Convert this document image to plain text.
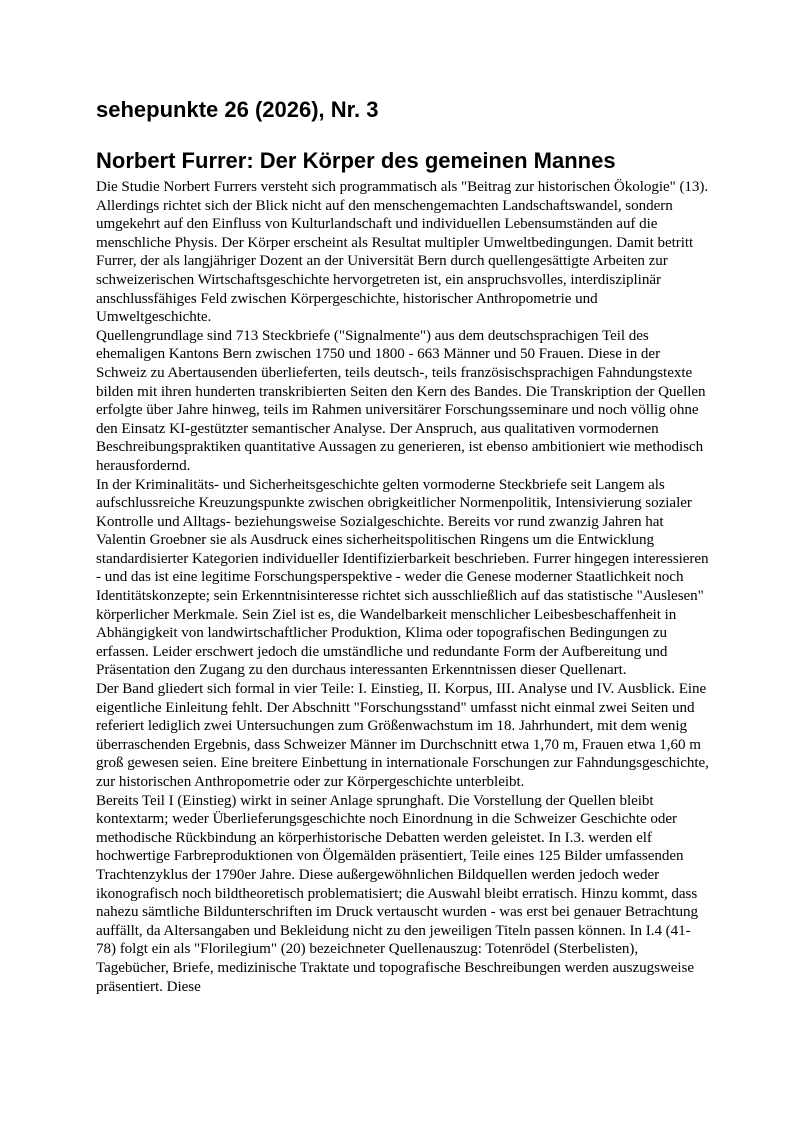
sehepunkte 26 (2026), Nr. 3
Norbert Furrer: Der Körper des gemeinen Mannes

Die Studie Norbert Furrers versteht sich programmatisch als "Beitrag zur historischen Ökologie" (13). Allerdings richtet sich der Blick nicht auf den menschengemachten Landschaftswandel, sondern umgekehrt auf den Einfluss von Kulturlandschaft und individuellen Lebensumständen auf die menschliche Physis. Der Körper erscheint als Resultat multipler Umweltbedingungen. Damit betritt Furrer, der als langjähriger Dozent an der Universität Bern durch quellengesättigte Arbeiten zur schweizerischen Wirtschaftsgeschichte hervorgetreten ist, ein anspruchsvolles, interdisziplinär anschlussfähiges Feld zwischen Körpergeschichte, historischer Anthropometrie und Umweltgeschichte.

Quellengrundlage sind 713 Steckbriefe ("Signalmente") aus dem deutschsprachigen Teil des ehemaligen Kantons Bern zwischen 1750 und 1800 - 663 Männer und 50 Frauen. Diese in der Schweiz zu Abertausenden überlieferten, teils deutsch-, teils französischsprachigen Fahndungstexte bilden mit ihren hunderten transkribierten Seiten den Kern des Bandes. Die Transkription der Quellen erfolgte über Jahre hinweg, teils im Rahmen universitärer Forschungsseminare und noch völlig ohne den Einsatz KI-gestützter semantischer Analyse. Der Anspruch, aus qualitativen vormodernen Beschreibungspraktiken quantitative Aussagen zu generieren, ist ebenso ambitioniert wie methodisch herausfordernd.

In der Kriminalitäts- und Sicherheitsgeschichte gelten vormoderne Steckbriefe seit Langem als aufschlussreiche Kreuzungspunkte zwischen obrigkeitlicher Normenpolitik, Intensivierung sozialer Kontrolle und Alltags- beziehungsweise Sozialgeschichte. Bereits vor rund zwanzig Jahren hat Valentin Groebner sie als Ausdruck eines sicherheitspolitischen Ringens um die Entwicklung standardisierter Kategorien individueller Identifizierbarkeit beschrieben. Furrer hingegen interessieren - und das ist eine legitime Forschungsperspektive - weder die Genese moderner Staatlichkeit noch Identitätskonzepte; sein Erkenntnisinteresse richtet sich ausschließlich auf das statistische "Auslesen" körperlicher Merkmale. Sein Ziel ist es, die Wandelbarkeit menschlicher Leibesbeschaffenheit in Abhängigkeit von landwirtschaftlicher Produktion, Klima oder topografischen Bedingungen zu erfassen. Leider erschwert jedoch die umständliche und redundante Form der Aufbereitung und Präsentation den Zugang zu den durchaus interessanten Erkenntnissen dieser Quellenart.

Der Band gliedert sich formal in vier Teile: I. Einstieg, II. Korpus, III. Analyse und IV. Ausblick. Eine eigentliche Einleitung fehlt. Der Abschnitt "Forschungsstand" umfasst nicht einmal zwei Seiten und referiert lediglich zwei Untersuchungen zum Größenwachstum im 18. Jahrhundert, mit dem wenig überraschenden Ergebnis, dass Schweizer Männer im Durchschnitt etwa 1,70 m, Frauen etwa 1,60 m groß gewesen seien. Eine breitere Einbettung in internationale Forschungen zur Fahndungsgeschichte, zur historischen Anthropometrie oder zur Körpergeschichte unterbleibt.

Bereits Teil I (Einstieg) wirkt in seiner Anlage sprunghaft. Die Vorstellung der Quellen bleibt kontextarm; weder Überlieferungsgeschichte noch Einordnung in die Schweizer Geschichte oder methodische Rückbindung an körperhistorische Debatten werden geleistet. In I.3. werden elf hochwertige Farbreproduktionen von Ölgemälden präsentiert, Teile eines 125 Bilder umfassenden Trachtenzyklus der 1790er Jahre. Diese außergewöhnlichen Bildquellen werden jedoch weder ikonografisch noch bildtheoretisch problematisiert; die Auswahl bleibt erratisch. Hinzu kommt, dass nahezu sämtliche Bildunterschriften im Druck vertauscht wurden - was erst bei genauer Betrachtung auffällt, da Altersangaben und Bekleidung nicht zu den jeweiligen Titeln passen können. In I.4 (41-78) folgt ein als "Florilegium" (20) bezeichneter Quellenauszug: Totenrödel (Sterbelisten), Tagebücher, Briefe, medizinische Traktate und topografische Beschreibungen werden auszugsweise präsentiert. Diese
